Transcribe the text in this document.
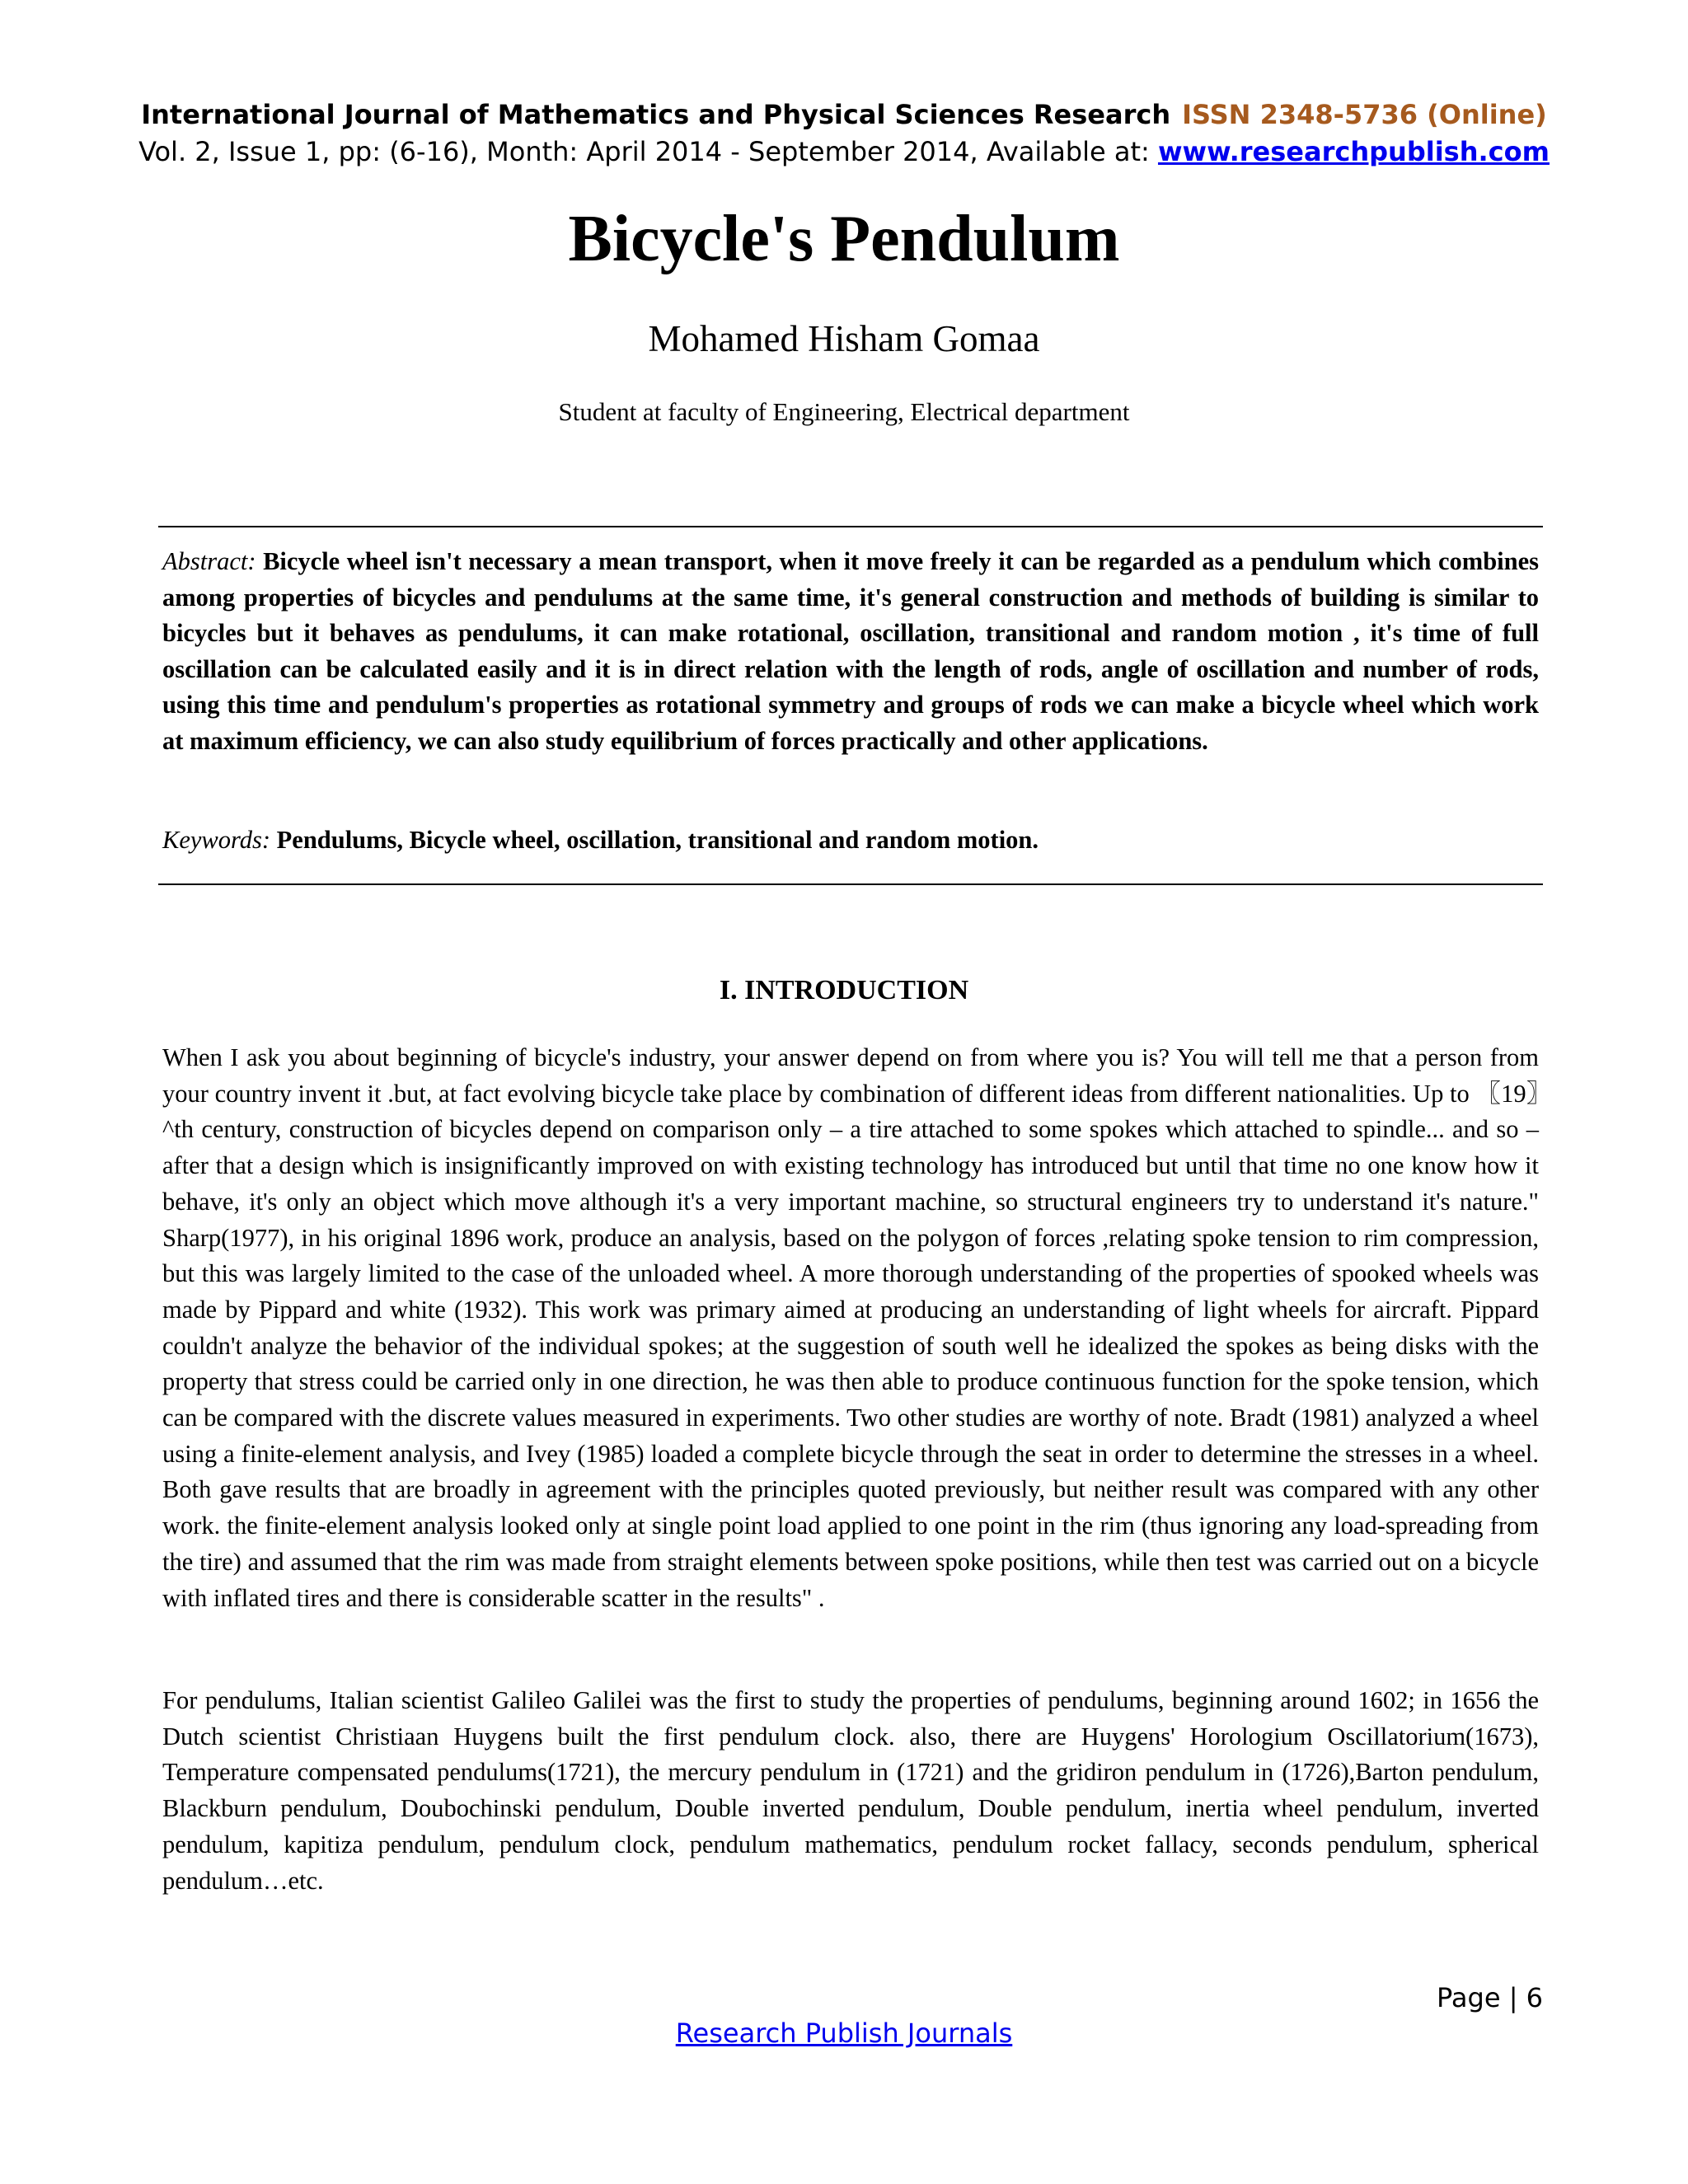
International Journal of Mathematics and Physical Sciences Research ISSN 2348-5736 (Online)
Vol. 2, Issue 1, pp: (6-16), Month: April 2014 - September 2014, Available at: www.researchpublish.com
Bicycle's Pendulum
Mohamed Hisham Gomaa
Student at faculty of Engineering, Electrical department
Abstract: Bicycle wheel isn't necessary a mean transport, when it move freely it can be regarded as a pendulum which combines among properties of bicycles and pendulums at the same time, it's general construction and methods of building is similar to bicycles but it behaves as pendulums, it can make rotational, oscillation, transitional and random motion , it's time of full oscillation can be calculated easily and it is in direct relation with the length of rods, angle of oscillation and number of rods, using this time and pendulum's properties as rotational symmetry and groups of rods we can make a bicycle wheel which work at maximum efficiency, we can also study equilibrium of forces practically and other applications.
Keywords: Pendulums, Bicycle wheel, oscillation, transitional and random motion.
I. INTRODUCTION
When I ask you about beginning of bicycle's industry, your answer depend on from where you is? You will tell me that a person from your country invent it .but, at fact evolving bicycle take place by combination of different ideas from different nationalities. Up to 〖19〗^th century, construction of bicycles depend on comparison only – a tire attached to some spokes which attached to spindle... and so – after that a design which is insignificantly improved on with existing technology has introduced but until that time no one know how it behave, it's only an object which move although it's a very important machine, so structural engineers try to understand it's nature." Sharp(1977), in his original 1896 work, produce an analysis, based on the polygon of forces ,relating spoke tension to rim compression, but this was largely limited to the case of the unloaded wheel. A more thorough understanding of the properties of spooked wheels was made by Pippard and white (1932). This work was primary aimed at producing an understanding of light wheels for aircraft. Pippard couldn't analyze the behavior of the individual spokes; at the suggestion of south well he idealized the spokes as being disks with the property that stress could be carried only in one direction, he was then able to produce continuous function for the spoke tension, which can be compared with the discrete values measured in experiments. Two other studies are worthy of note. Bradt (1981) analyzed a wheel using a finite-element analysis, and Ivey (1985) loaded a complete bicycle through the seat in order to determine the stresses in a wheel. Both gave results that are broadly in agreement with the principles quoted previously, but neither result was compared with any other work. the finite-element analysis looked only at single point load applied to one point in the rim (thus ignoring any load-spreading from the tire) and assumed that the rim was made from straight elements between spoke positions, while then test was carried out on a bicycle with inflated tires and there is considerable scatter in the results" .
For pendulums, Italian scientist Galileo Galilei was the first to study the properties of pendulums, beginning around 1602; in 1656 the Dutch scientist Christiaan Huygens built the first pendulum clock. also, there are Huygens' Horologium Oscillatorium(1673), Temperature compensated pendulums(1721), the mercury pendulum in (1721) and the gridiron pendulum in (1726),Barton pendulum, Blackburn pendulum, Doubochinski pendulum, Double inverted pendulum, Double pendulum, inertia wheel pendulum, inverted pendulum, kapitiza pendulum, pendulum clock, pendulum mathematics, pendulum rocket fallacy, seconds pendulum, spherical pendulum…etc.
Page | 6
Research Publish Journals
